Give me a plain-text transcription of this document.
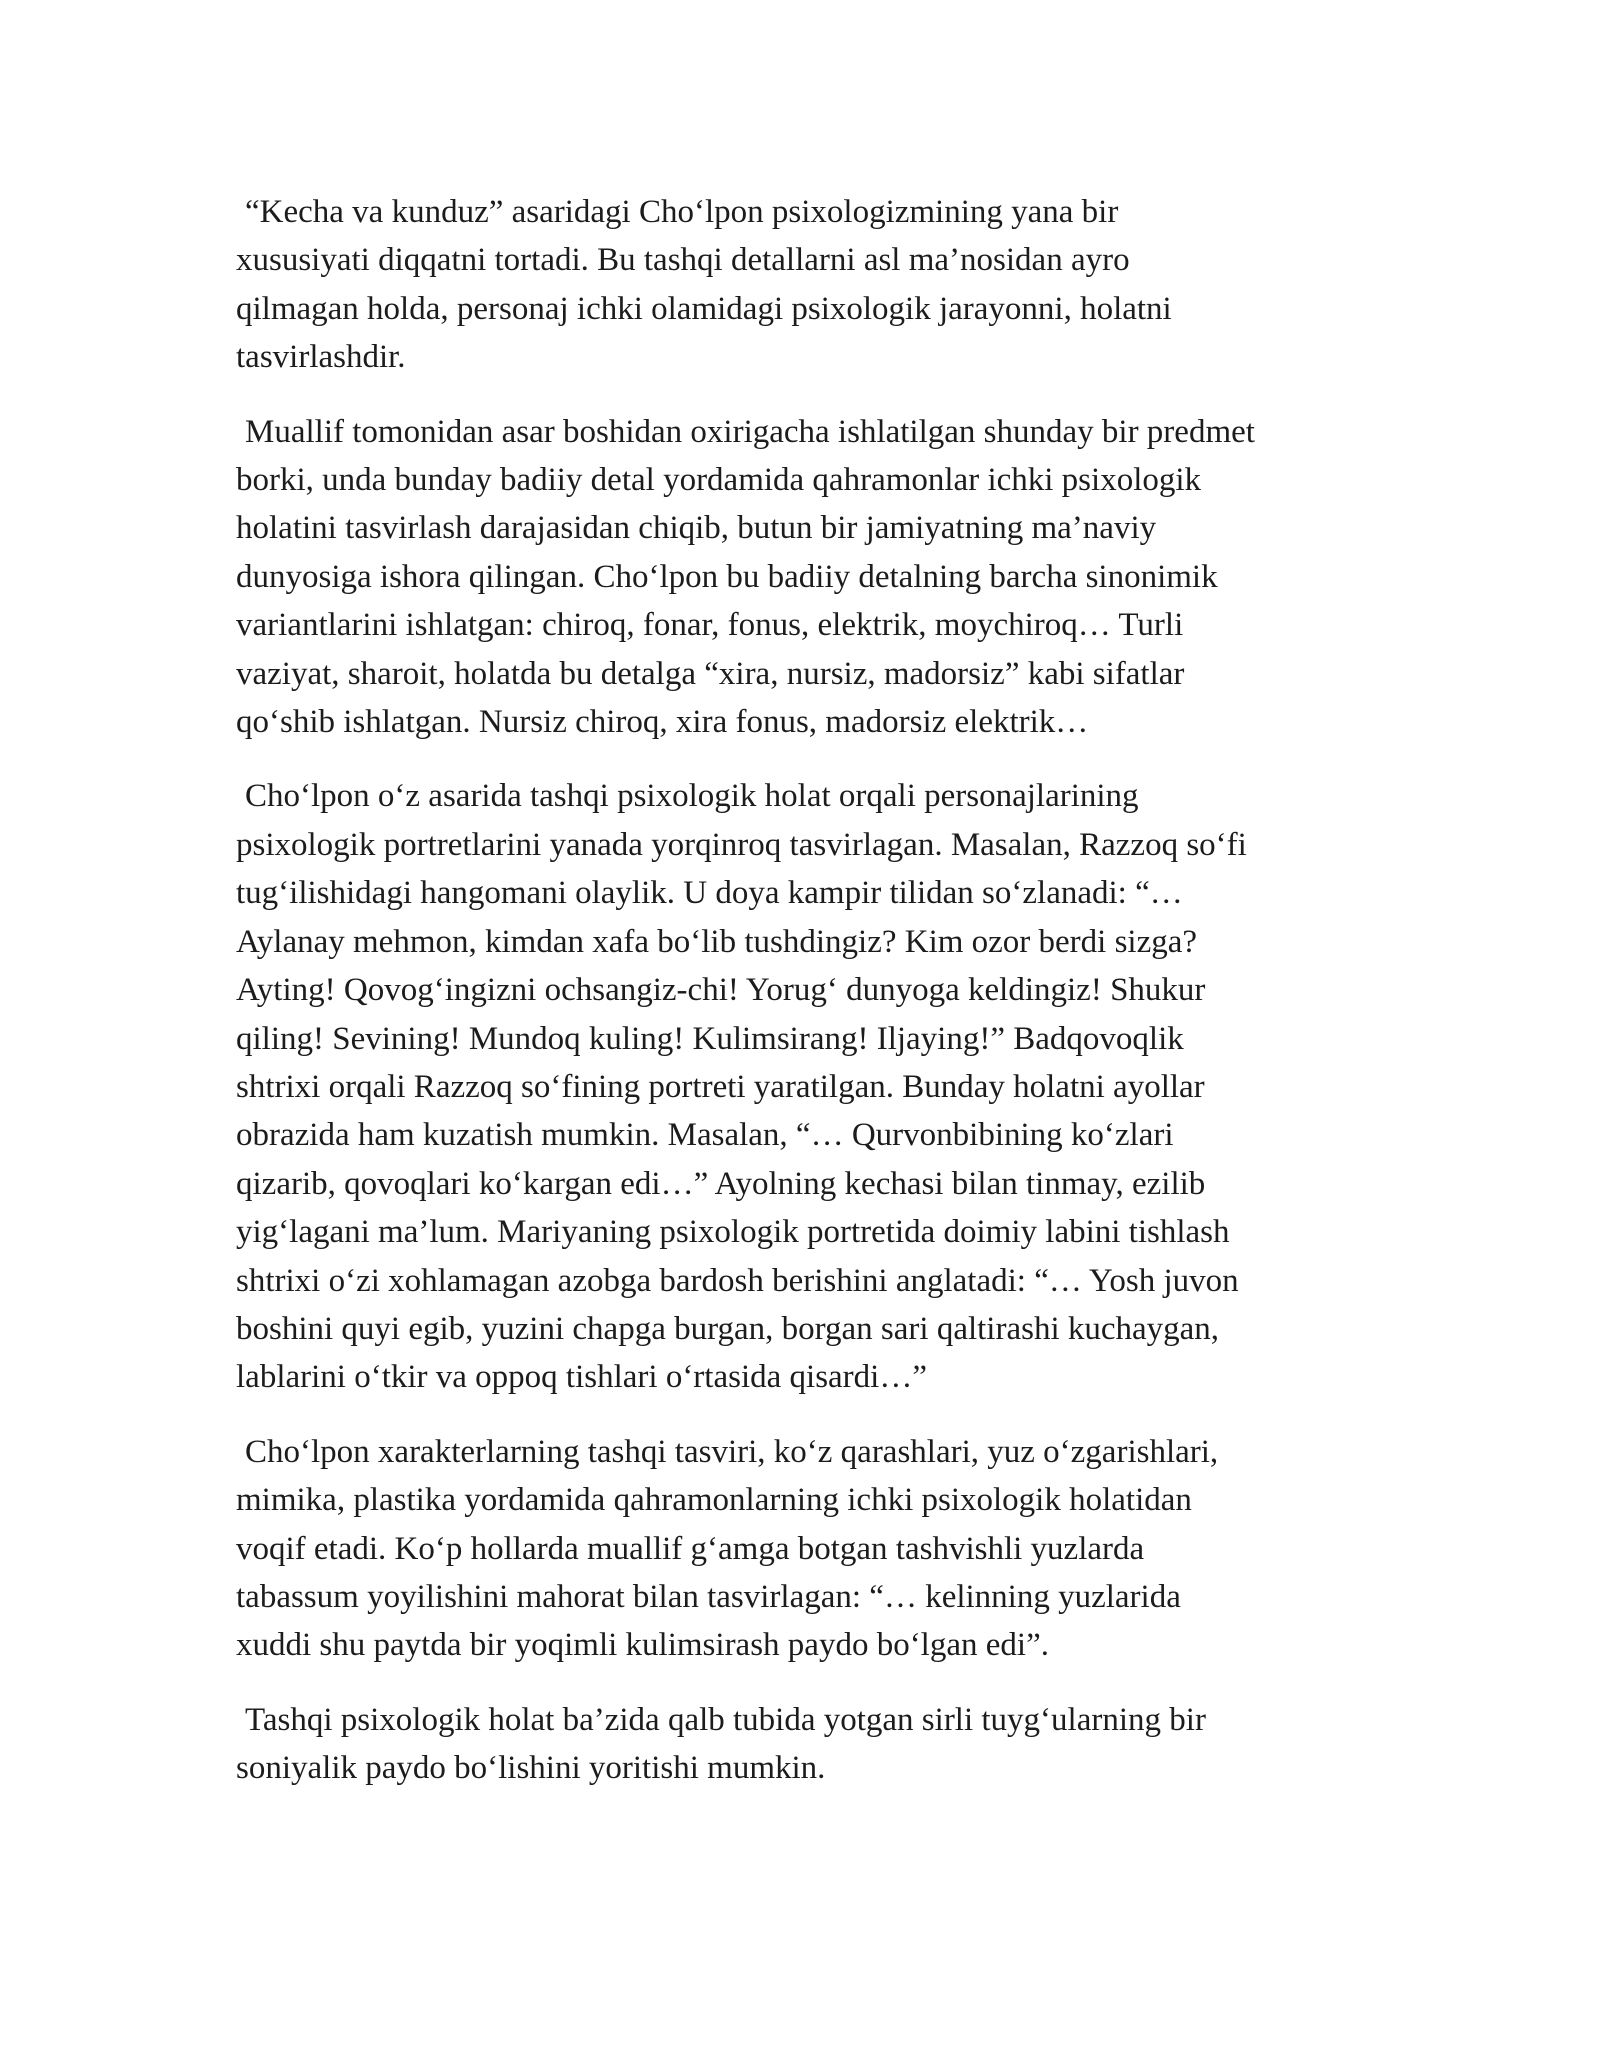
“Kecha va kunduz” asaridagi Cho‘lpon psixologizmining yana bir
xususiyati diqqatni tortadi. Bu tashqi detallarni asl ma’nosidan ayro
qilmagan holda, personaj ichki olamidagi psixologik jarayonni, holatni
tasvirlashdir.

Muallif tomonidan asar boshidan oxirigacha ishlatilgan shunday bir predmet
borki, unda bunday badiiy detal yordamida qahramonlar ichki psixologik
holatini tasvirlash darajasidan chiqib, butun bir jamiyatning ma’naviy
dunyosiga ishora qilingan. Cho‘lpon bu badiiy detalning barcha sinonimik
variantlarini ishlatgan: chiroq, fonar, fonus, elektrik, moychiroq… Turli
vaziyat, sharoit, holatda bu detalga “xira, nursiz, madorsiz” kabi sifatlar
qo‘shib ishlatgan. Nursiz chiroq, xira fonus, madorsiz elektrik…

Cho‘lpon o‘z asarida tashqi psixologik holat orqali personajlarining
psixologik portretlarini yanada yorqinroq tasvirlagan. Masalan, Razzoq so‘fi
tug‘ilishidagi hangomani olaylik. U doya kampir tilidan so‘zlanadi: “…
Aylanay mehmon, kimdan xafa bo‘lib tushdingiz? Kim ozor berdi sizga?
Ayting! Qovog‘ingizni ochsangiz-chi! Yorug‘ dunyoga keldingiz! Shukur
qiling! Sevining! Mundoq kuling! Kulimsirang! Iljaying!” Badqovoqlik
shtrixi orqali Razzoq so‘fining portreti yaratilgan. Bunday holatni ayollar
obrazida ham kuzatish mumkin. Masalan, “… Qurvonbibining ko‘zlari
qizarib, qovoqlari ko‘kargan edi…” Ayolning kechasi bilan tinmay, ezilib
yig‘lagani ma’lum. Mariyaning psixologik portretida doimiy labini tishlash
shtrixi o‘zi xohlamagan azobga bardosh berishini anglatadi: “… Yosh juvon
boshini quyi egib, yuzini chapga burgan, borgan sari qaltirashi kuchaygan,
lablarini o‘tkir va oppoq tishlari o‘rtasida qisardi…”

Cho‘lpon xarakterlarning tashqi tasviri, ko‘z qarashlari, yuz o‘zgarishlari,
mimika, plastika yordamida qahramonlarning ichki psixologik holatidan
voqif etadi. Ko‘p hollarda muallif g‘amga botgan tashvishli yuzlarda
tabassum yoyilishini mahorat bilan tasvirlagan: “… kelinning yuzlarida
xuddi shu paytda bir yoqimli kulimsirash paydo bo‘lgan edi”.

Tashqi psixologik holat ba’zida qalb tubida yotgan sirli tuyg‘ularning bir
soniyalik paydo bo‘lishini yoritishi mumkin.
